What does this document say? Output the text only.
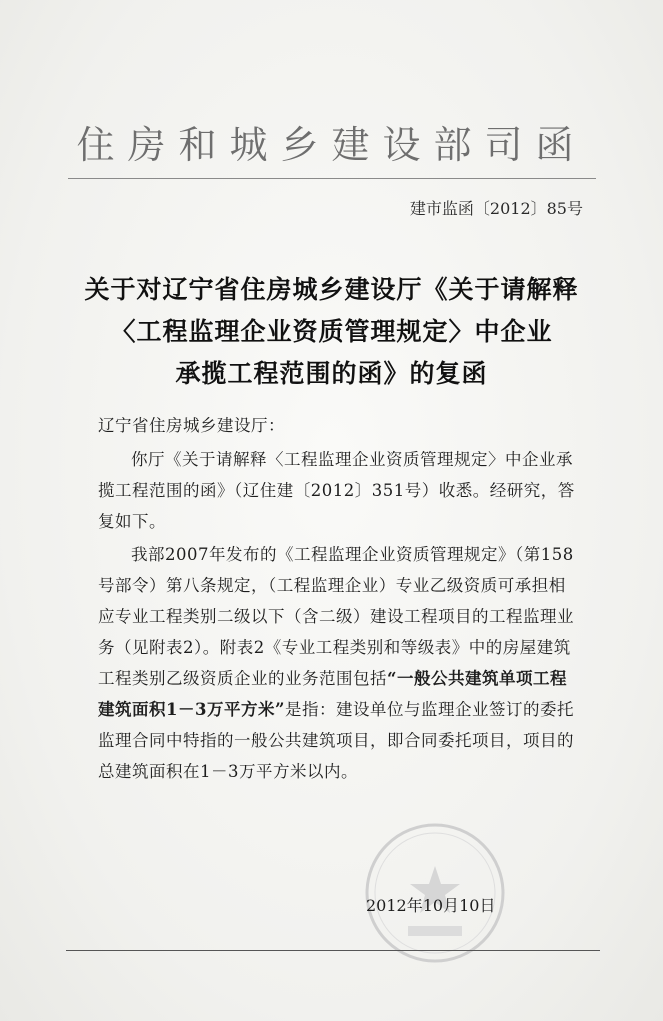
住房和城乡建设部司函
建市监函〔2012〕85号
关于对辽宁省住房城乡建设厅《关于请解释
〈工程监理企业资质管理规定〉中企业
承揽工程范围的函》的复函
辽宁省住房城乡建设厅：
你厅《关于请解释〈工程监理企业资质管理规定〉中企业承揽工程范围的函》（辽住建〔2012〕351号）收悉。经研究，答复如下。
我部2007年发布的《工程监理企业资质管理规定》（第158号部令）第八条规定，（工程监理企业）专业乙级资质可承担相应专业工程类别二级以下（含二级）建设工程项目的工程监理业务（见附表2）。附表2《专业工程类别和等级表》中的房屋建筑工程类别乙级资质企业的业务范围包括“一般公共建筑单项工程建筑面积1－3万平方米”是指：建设单位与监理企业签订的委托监理合同中特指的一般公共建筑项目，即合同委托项目，项目的总建筑面积在1－3万平方米以内。
2012年10月10日
